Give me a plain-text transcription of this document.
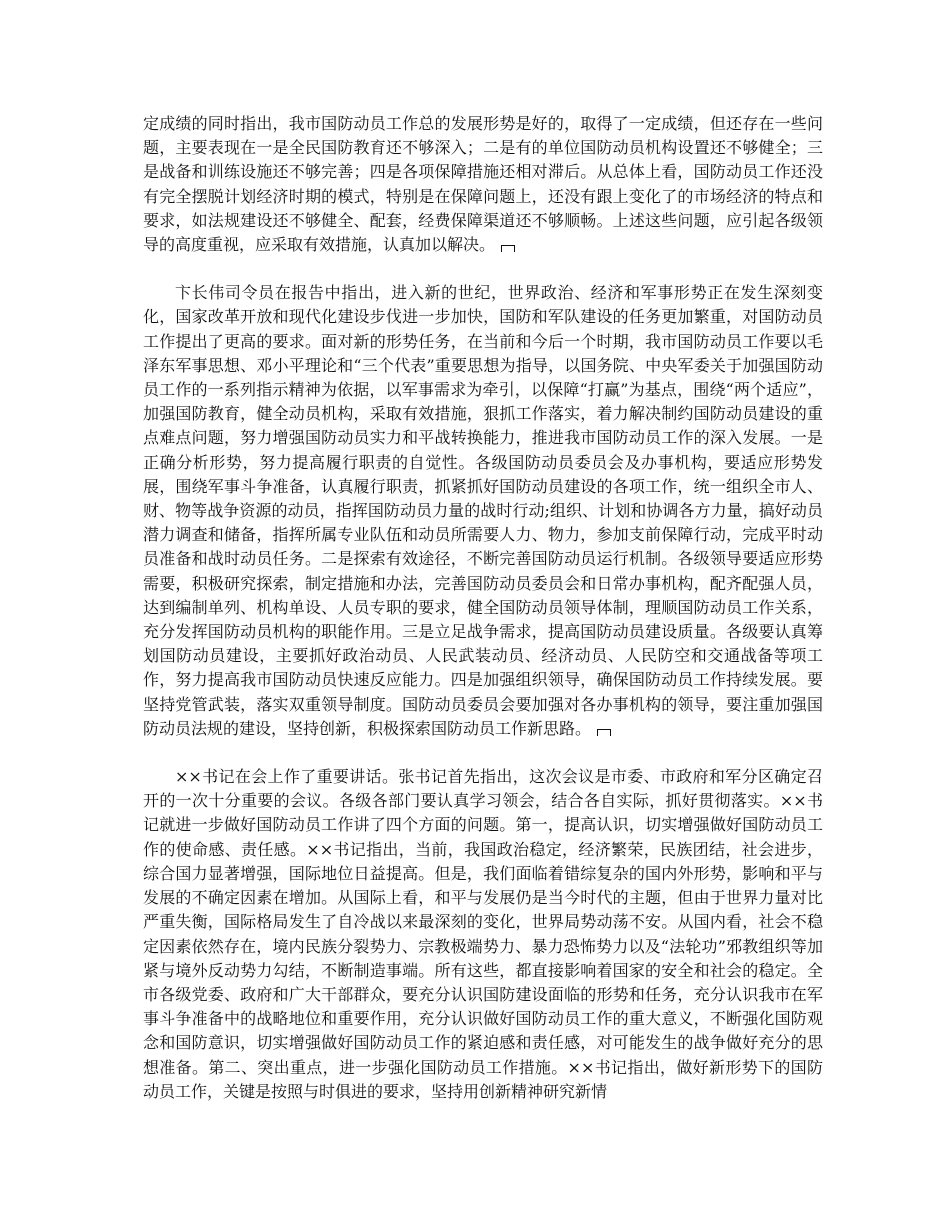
定成绩的同时指出，我市国防动员工作总的发展形势是好的，取得了一定成绩，但还存在一些问题，主要表现在一是全民国防教育还不够深入；二是有的单位国防动员机构设置还不够健全；三是战备和训练设施还不够完善；四是各项保障措施还相对滞后。从总体上看，国防动员工作还没有完全摆脱计划经济时期的模式，特别是在保障问题上，还没有跟上变化了的市场经济的特点和要求，如法规建设还不够健全、配套，经费保障渠道还不够顺畅。上述这些问题，应引起各级领导的高度重视，应采取有效措施，认真加以解决。

卞长伟司令员在报告中指出，进入新的世纪，世界政治、经济和军事形势正在发生深刻变化，国家改革开放和现代化建设步伐进一步加快，国防和军队建设的任务更加繁重，对国防动员工作提出了更高的要求。面对新的形势任务，在当前和今后一个时期，我市国防动员工作要以毛泽东军事思想、邓小平理论和“三个代表”重要思想为指导，以国务院、中央军委关于加强国防动员工作的一系列指示精神为依据，以军事需求为牵引，以保障“打赢”为基点，围绕“两个适应”，加强国防教育，健全动员机构，采取有效措施，狠抓工作落实，着力解决制约国防动员建设的重点难点问题，努力增强国防动员实力和平战转换能力，推进我市国防动员工作的深入发展。一是正确分析形势，努力提高履行职责的自觉性。各级国防动员委员会及办事机构，要适应形势发展，围绕军事斗争准备，认真履行职责，抓紧抓好国防动员建设的各项工作，统一组织全市人、财、物等战争资源的动员，指挥国防动员力量的战时行动;组织、计划和协调各方力量，搞好动员潜力调查和储备，指挥所属专业队伍和动员所需要人力、物力，参加支前保障行动，完成平时动员准备和战时动员任务。二是探索有效途径，不断完善国防动员运行机制。各级领导要适应形势需要，积极研究探索，制定措施和办法，完善国防动员委员会和日常办事机构，配齐配强人员，达到编制单列、机构单设、人员专职的要求，健全国防动员领导体制，理顺国防动员工作关系，充分发挥国防动员机构的职能作用。三是立足战争需求，提高国防动员建设质量。各级要认真筹划国防动员建设，主要抓好政治动员、人民武装动员、经济动员、人民防空和交通战备等项工作，努力提高我市国防动员快速反应能力。四是加强组织领导，确保国防动员工作持续发展。要坚持党管武装，落实双重领导制度。国防动员委员会要加强对各办事机构的领导，要注重加强国防动员法规的建设，坚持创新，积极探索国防动员工作新思路。

××书记在会上作了重要讲话。张书记首先指出，这次会议是市委、市政府和军分区确定召开的一次十分重要的会议。各级各部门要认真学习领会，结合各自实际，抓好贯彻落实。××书记就进一步做好国防动员工作讲了四个方面的问题。第一，提高认识，切实增强做好国防动员工作的使命感、责任感。××书记指出，当前，我国政治稳定，经济繁荣，民族团结，社会进步，综合国力显著增强，国际地位日益提高。但是，我们面临着错综复杂的国内外形势，影响和平与发展的不确定因素在增加。从国际上看，和平与发展仍是当今时代的主题，但由于世界力量对比严重失衡，国际格局发生了自冷战以来最深刻的变化，世界局势动荡不安。从国内看，社会不稳定因素依然存在，境内民族分裂势力、宗教极端势力、暴力恐怖势力以及“法轮功”邪教组织等加紧与境外反动势力勾结，不断制造事端。所有这些，都直接影响着国家的安全和社会的稳定。全市各级党委、政府和广大干部群众，要充分认识国防建设面临的形势和任务，充分认识我市在军事斗争准备中的战略地位和重要作用，充分认识做好国防动员工作的重大意义，不断强化国防观念和国防意识，切实增强做好国防动员工作的紧迫感和责任感，对可能发生的战争做好充分的思想准备。第二、突出重点，进一步强化国防动员工作措施。××书记指出，做好新形势下的国防动员工作，关键是按照与时俱进的要求，坚持用创新精神研究新情
